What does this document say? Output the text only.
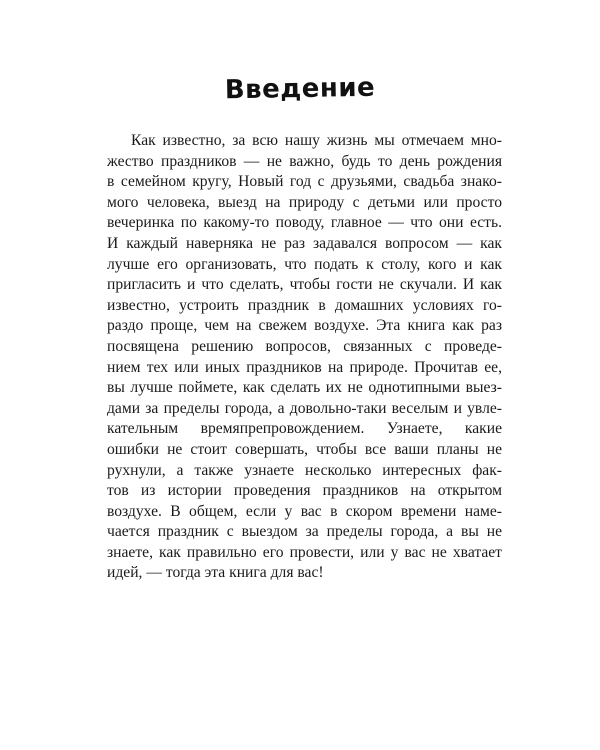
Введение
Как известно, за всю нашу жизнь мы отмечаем мно-
жество праздников — не важно, будь то день рождения
в семейном кругу, Новый год с друзьями, свадьба знако-
мого человека, выезд на природу с детьми или просто
вечеринка по какому-то поводу, главное — что они есть.
И каждый наверняка не раз задавался вопросом — как
лучше его организовать, что подать к столу, кого и как
пригласить и что сделать, чтобы гости не скучали. И как
известно, устроить праздник в домашних условиях го-
раздо проще, чем на свежем воздухе. Эта книга как раз
посвящена решению вопросов, связанных с проведе-
нием тех или иных праздников на природе. Прочитав ее,
вы лучше поймете, как сделать их не однотипными выез-
дами за пределы города, а довольно-таки веселым и увле-
кательным времяпрепровождением. Узнаете, какие
ошибки не стоит совершать, чтобы все ваши планы не
рухнули, а также узнаете несколько интересных фак-
тов из истории проведения праздников на открытом
воздухе. В общем, если у вас в скором времени наме-
чается праздник с выездом за пределы города, а вы не
знаете, как правильно его провести, или у вас не хватает
идей, — тогда эта книга для вас!
